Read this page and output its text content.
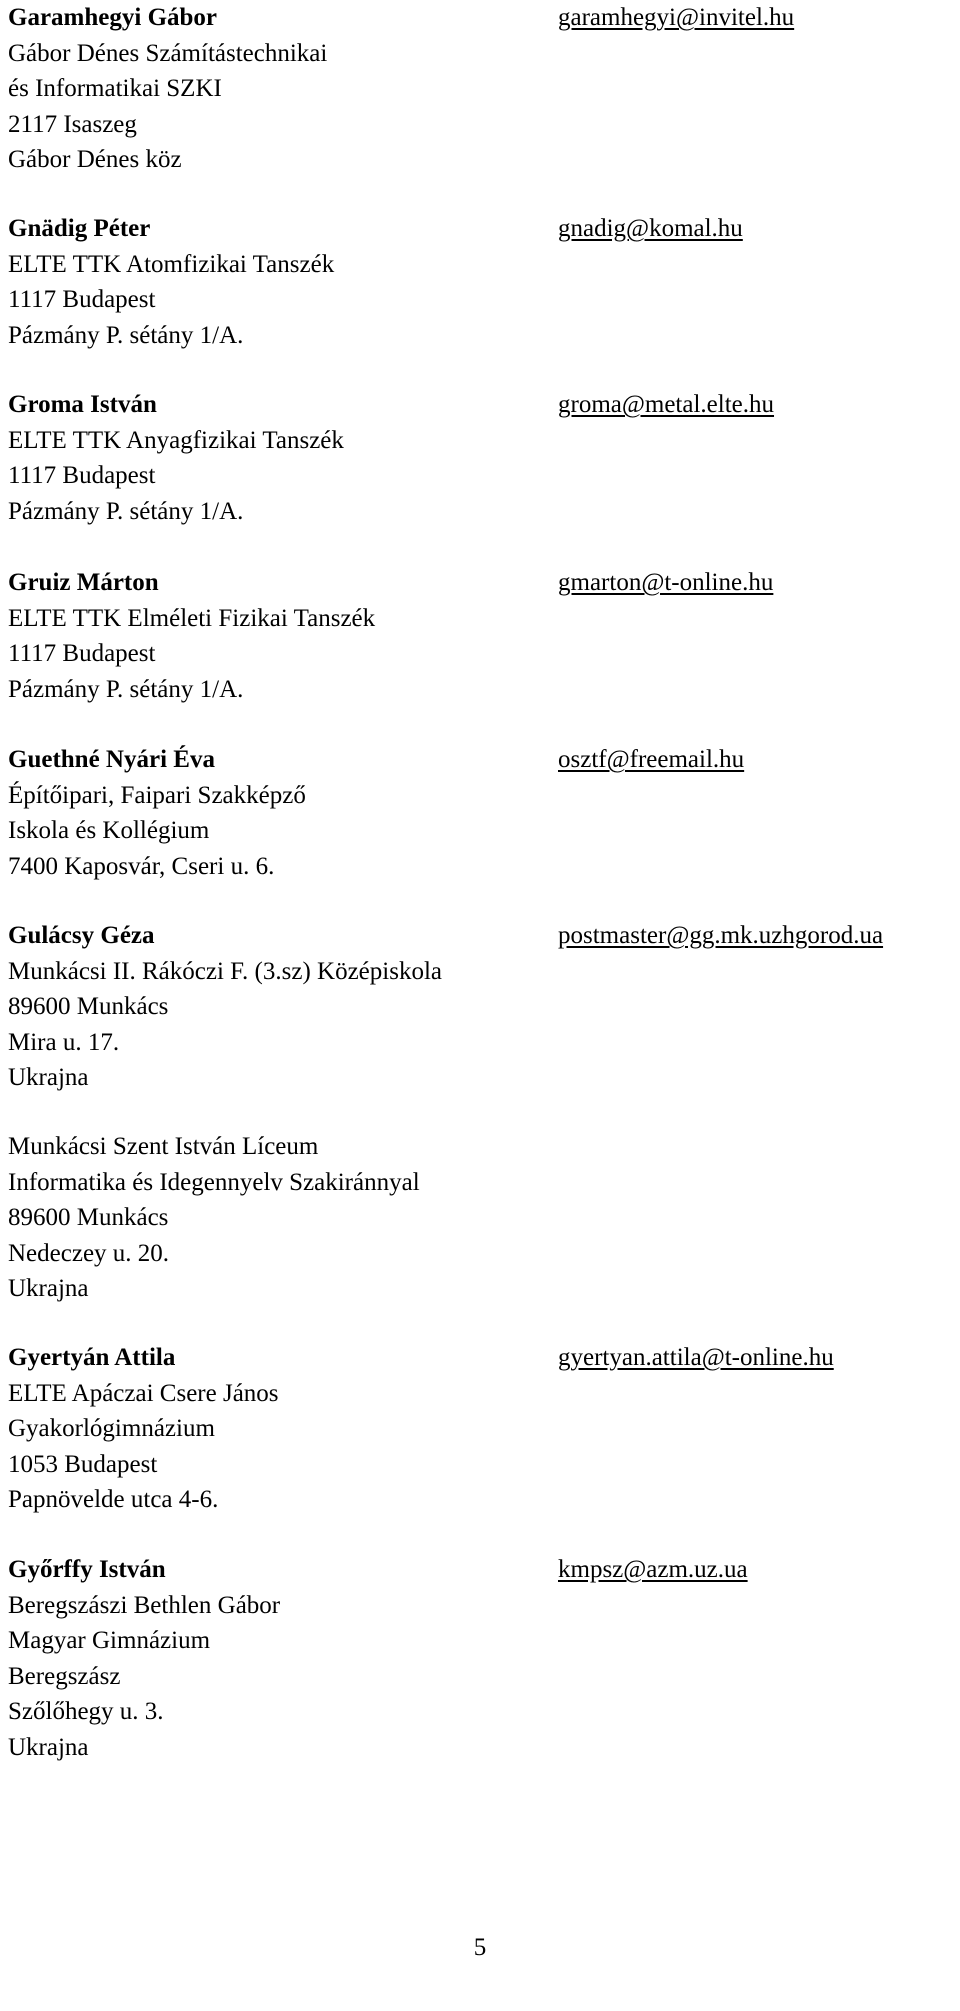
Garamhegyi Gábor
Gábor Dénes Számítástechnikai
és Informatikai SZKI
2117 Isaszeg
Gábor Dénes köz
garamhegyi@invitel.hu
Gnädig Péter
ELTE TTK Atomfizikai Tanszék
1117 Budapest
Pázmány P. sétány 1/A.
gnadig@komal.hu
Groma István
ELTE TTK Anyagfizikai Tanszék
1117 Budapest
Pázmány P. sétány 1/A.
groma@metal.elte.hu
Gruiz Márton
ELTE TTK Elméleti Fizikai Tanszék
1117 Budapest
Pázmány P. sétány 1/A.
gmarton@t-online.hu
Guethné Nyári Éva
Építőipari, Faipari Szakképző
Iskola és Kollégium
7400 Kaposvár, Cseri u. 6.
osztf@freemail.hu
Gulácsy Géza
Munkácsi II. Rákóczi F. (3.sz) Középiskola
89600 Munkács
Mira u. 17.
Ukrajna
postmaster@gg.mk.uzhgorod.ua
Munkácsi Szent István Líceum
Informatika és Idegennyelv Szakiránnyal
89600 Munkács
Nedeczey u. 20.
Ukrajna
Gyertyán Attila
ELTE Apáczai Csere János
Gyakorlógimnázium
1053 Budapest
Papnövelde utca 4-6.
gyertyan.attila@t-online.hu
Győrffy István
Beregszászi Bethlen Gábor
Magyar Gimnázium
Beregszász
Szőlőhegy u. 3.
Ukrajna
kmpsz@azm.uz.ua
5
